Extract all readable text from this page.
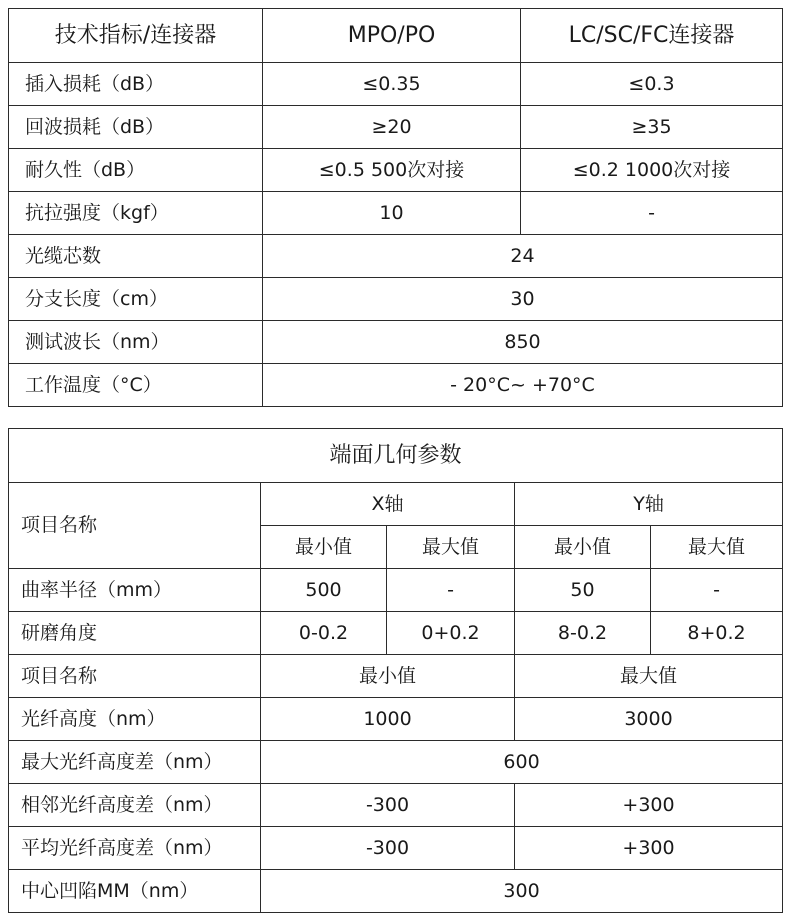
技术指标/连接器	MPO/PO	LC/SC/FC连接器
插入损耗（dB）	≤0.35	≤0.3
回波损耗（dB）	≥20	≥35
耐久性（dB）	≤0.5 500次对接	≤0.2 1000次对接
抗拉强度（kgf）	10	-
光缆芯数	24	
分支长度（cm）	30	
测试波长（nm）	850	
工作温度（°C）	- 20°C~ +70°C	
端面几何参数				
项目名称	X轴		Y轴	
	最小值	最大值	最小值	最大值
曲率半径（mm）	500	-	50	-
研磨角度	0-0.2	0+0.2	8-0.2	8+0.2
项目名称	最小值		最大值	
光纤高度（nm）	1000		3000	
最大光纤高度差（nm）	600			
相邻光纤高度差（nm）	-300		+300	
平均光纤高度差（nm）	-300		+300	
中心凹陷MM（nm）	300			
